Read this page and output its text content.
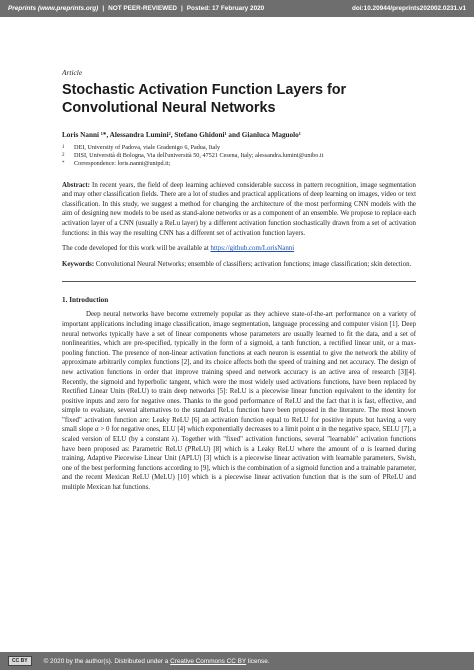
Preprints (www.preprints.org) | NOT PEER-REVIEWED | Posted: 17 February 2020	doi:10.20944/preprints202002.0231.v1

Article

Stochastic Activation Function Layers for Convolutional Neural Networks

Loris Nanni ¹*, Alessandra Lumini², Stefano Ghidoni¹ and Gianluca Maguolo¹

1	DEI, University of Padova, viale Gradenigo 6, Padua, Italy
2	DISI, Università di Bologna, Via dell'università 50, 47521 Cesena, Italy; alessandra.lumini@unibo.it
*	Correspondence: loris.nanni@unipd.it;

Abstract: In recent years, the field of deep learning achieved considerable success in pattern recognition, image segmentation and may other classification fields. There are a lot of studies and practical applications of deep learning on images, video or text classification. In this study, we suggest a method for changing the architecture of the most performing CNN models with the aim of designing new models to be used as stand-alone networks or as a component of an ensemble. We propose to replace each activation layer of a CNN (usually a ReLu layer) by a different activation function stochastically drawn from a set of activation functions: in this way the resulting CNN has a different set of activation function layers.

The code developed for this work will be available at https://github.com/LorisNanni

Keywords: Convolutional Neural Networks; ensemble of classifiers; activation functions; image classification; skin detection.

1. Introduction

Deep neural networks have become extremely popular as they achieve state-of-the-art performance on a variety of important applications including image classification, image segmentation, language processing and computer vision [1]. Deep neural networks typically have a set of linear components whose parameters are usually learned to fit the data, and a set of nonlinearities, which are pre-specified, typically in the form of a sigmoid, a tanh function, a rectified linear unit, or a max-pooling function. The presence of non-linear activation functions at each neuron is essential to give the network the ability of approximate arbitrarily complex functions [2], and its choice affects both the speed of training and net accuracy. The design of new activation functions in order that improve training speed and network accuracy is an active area of research [3][4]. Recently, the sigmoid and hyperbolic tangent, which were the most widely used activations functions, have been replaced by Rectified Linear Units (ReLU) to train deep networks [5]: ReLU is a piecewise linear function equivalent to the identity for positive inputs and zero for negative ones. Thanks to the good performance of ReLU and the fact that it is fast, effective, and simple to evaluate, several alternatives to the standard ReLu function have been proposed in the literature. The most known "fixed" activation function are: Leaky ReLU [6] an activation function equal to ReLU for positive inputs but having a very small slope α > 0 for negative ones, ELU [4] which exponentially decreases to a limit point α in the negative space, SELU [7], a scaled version of ELU (by a constant λ). Together with "fixed" activation functions, several "learnable" activation functions have been proposed as: Parametric ReLU (PReLU) [8] which is a Leaky ReLU where the amount of α is learned during training, Adaptive Piecewise Linear Unit (APLU) [3] which is a piecewise linear activation with learnable parameters, Swish, one of the best performing functions according to [9], which is the combination of a sigmoid function and a trainable parameter, and the recent Mexican ReLU (MeLU) [10] which is a piecewise linear activation function that is the sum of PReLU and multiple Mexican hat functions.

CC BY	© 2020 by the author(s). Distributed under a
Creative Commons CC BY
license.
